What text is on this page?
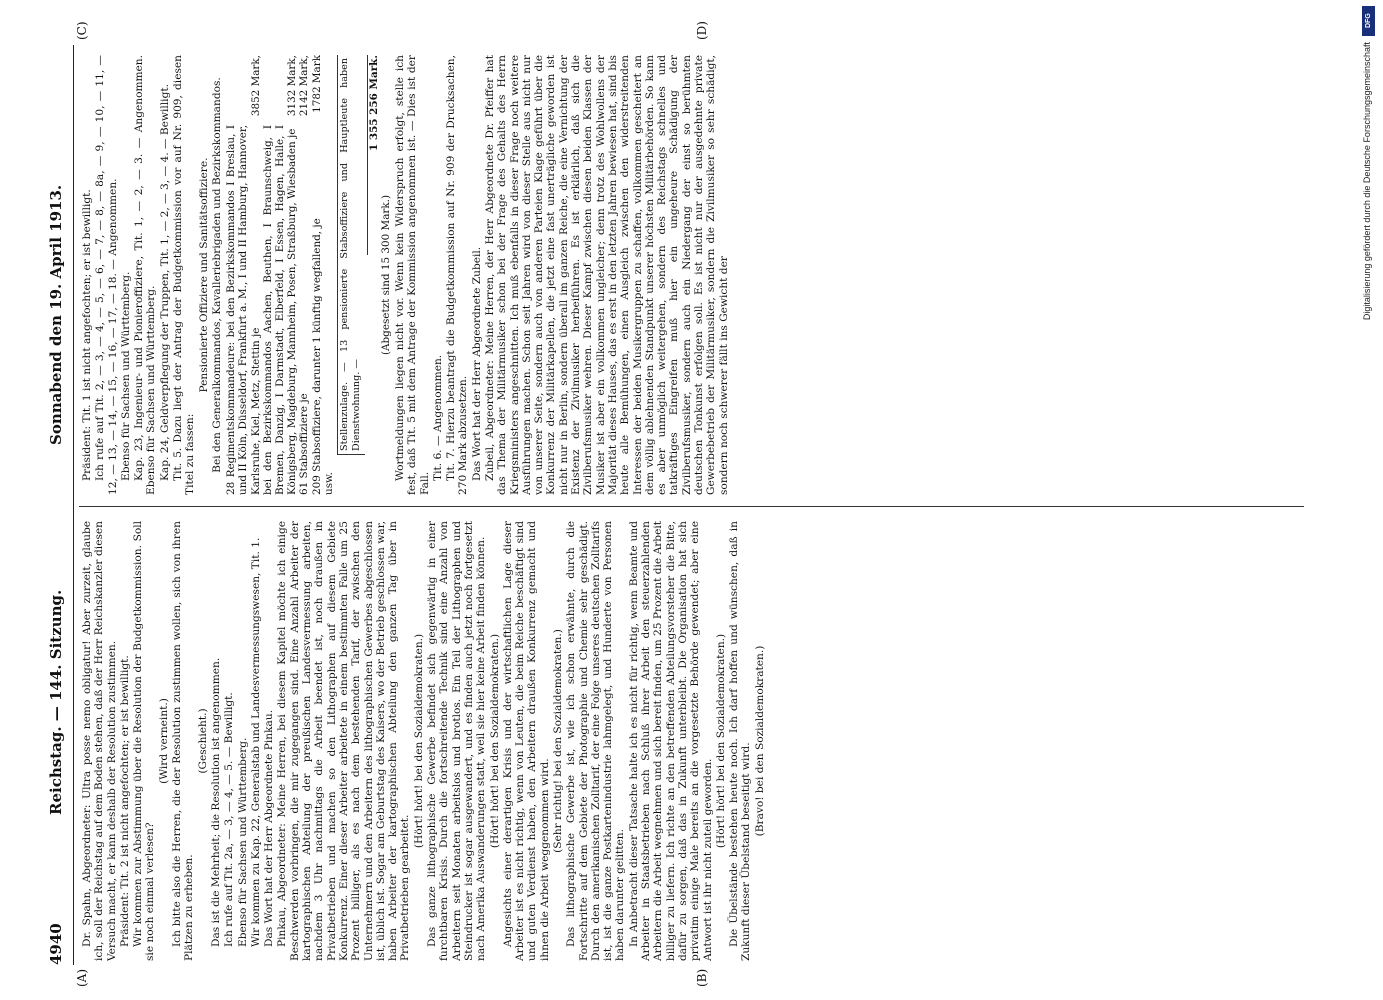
4940
Reichstag. — 144. Sitzung.
Sonnabend den 19. April 1913.
(A)	(B)
(C)	(D)

Dr. Spahn, Abgeordneter: Ultra posse nemo obligatur! Aber zurzeit, glaube ich, soll der Reichstag auf dem Boden stehen, daß der Herr Reichskanzler diesen Versuch macht, er kann deshalb der Resolution zustimmen. Präsident: Tit. 2 ist nicht angefochten; er ist bewilligt. Wir kommen zur Abstimmung über die Resolution der Budgetkommission. Soll sie noch einmal verlesen?

(Wird verneint.) Ich bitte also die Herren, die der Resolution zustimmen wollen, sich von ihren Plätzen zu erheben.

(Geschieht.) Das ist die Mehrheit; die Resolution ist angenommen. Ich rufe auf Tit. 2a, — 3, — 4, — 5. — Bewilligt. Ebenso für Sachsen und Württemberg. Wir kommen zu Kap. 22, Generalstab und Landesvermessungswesen, Tit. 1. Das Wort hat der Herr Abgeordnete Pinkau. Pinkau, Abgeordneter: Meine Herren, bei diesem Kapitel möchte ich einige Beschwerden vorbringen, die mir zugegangen sind. Eine Anzahl Arbeiter der kartographischen Abteilung der preußischen Landesvermessung arbeiten, nachdem 3 Uhr nachmittags die Arbeit beendet ist, noch draußen in Privatbetrieben und machen so den Lithographen auf diesem Gebiete Konkurrenz. Einer dieser Arbeiter arbeitete in einem bestimmten Falle um 25 Prozent billiger, als es nach dem bestehenden Tarif, der zwischen den Unternehmern und den Arbeitern des lithographischen Gewerbes abgeschlossen ist, üblich ist. Sogar am Geburtstag des Kaisers, wo der Betrieb geschlossen war, haben Arbeiter der kartographischen Abteilung den ganzen Tag über in Privatbetrieben gearbeitet.

(Hört! hört! bei den Sozialdemokraten.) Das ganze lithographische Gewerbe befindet sich gegenwärtig in einer furchtbaren Krisis. Durch die fortschreitende Technik sind eine Anzahl von Arbeitern seit Monaten arbeitslos und brotlos. Ein Teil der Lithographen und Steindrucker ist sogar ausgewandert, und es finden auch jetzt noch fortgesetzt nach Amerika Auswanderungen statt, weil sie hier keine Arbeit finden können. (Hört! hört! bei den Sozialdemokraten.) Angesichts einer derartigen Krisis und der wirtschaftlichen Lage dieser Arbeiter ist es nicht richtig, wenn von Leuten, die beim Reiche beschäftigt sind und guten Verdienst haben, den Arbeitern draußen Konkurrenz gemacht und ihnen die Arbeit weggenommen wird.

(Sehr richtig! bei den Sozialdemokraten.) Das lithographische Gewerbe ist, wie ich schon erwähnte, durch die Fortschritte auf dem Gebiete der Photographie und Chemie sehr geschädigt. Durch den amerikanischen Zolltarif, der eine Folge unseres deutschen Zolltarifs ist, ist die ganze Postkartenindustrie lahmgelegt, und Hunderte von Personen haben darunter gelitten. In Anbetracht dieser Tatsache halte ich es nicht für richtig, wenn Beamte und Arbeiter in Staatsbetrieben nach Schluß ihrer Arbeit den steuerzahlenden Arbeitern die Arbeit wegnehmen und sich bereit finden, um 25 Prozent die Arbeit billiger zu liefern. Ich richte an den betreffenden Abteilungsvorsteher die Bitte, dafür zu sorgen, daß das in Zukunft unterbleibt. Die Organisation hat sich privatim einige Male bereits an die vorgesetzte Behörde gewendet; aber eine Antwort ist ihr nicht zuteil geworden.

(Hört! hört! bei den Sozialdemokraten.) Die Übelstände bestehen heute noch. Ich darf hoffen und wünschen, daß in Zukunft dieser Übelstand beseitigt wird.

(Bravo! bei den Sozialdemokraten.)

Präsident: Tit. 1 ist nicht angefochten; er ist bewilligt. Ich rufe auf Tit. 2, — 3, — 4, — 5, — 6, — 7, — 8, — 8a, — 9, — 10, — 11, — 12, — 13, — 14, — 15, — 16, — 17, — 18. — Angenommen. Ebenso für Sachsen und Württemberg. Kap. 23, Ingenieur- und Pionieroffiziere, Tit. 1, — 2, — 3. — Angenommen. Ebenso für Sachsen und Württemberg. Kap. 24, Geldverpflegung der Truppen, Tit. 1, — 2, — 3, — 4. — Bewilligt. Tit. 5. Dazu liegt der Antrag der Budgetkommission vor auf Nr. 909, diesen Titel zu fassen:

Pensionierte Offiziere und Sanitätsoffiziere. Bei den Generalkommandos, Kavalleriebrigaden und Bezirkskommandos. 28 Regimentskommandeure: bei den Bezirkskommandos I Breslau, I und II Köln, Düsseldorf, Frankfurt a. M., I und II Hamburg, Hannover, Karlsruhe, Kiel, Metz, Stettin je
3852 Mark,
bei den Bezirkskommandos Aachen, Beuthen, I Braunschweig, I Bremen, Danzig, I Darmstadt, Elberfeld, I Essen, Hagen, Halle, I Königsberg, Magdeburg, Mannheim, Posen, Straßburg, Wiesbaden je
3132 Mark,
61 Stabsoffiziere je
2142 Mark,
209 Stabsoffiziere, darunter 1 künftig wegfallend, je
1782 Mark
usw.
Stellenzulage. — 13 pensionierte Stabsoffiziere und Hauptleute haben Dienstwohnung. —
1 355 256 Mark.
(Abgesetzt sind 15 300 Mark.) Wortmeldungen liegen nicht vor. Wenn kein Widerspruch erfolgt, stelle ich fest, daß Tit. 5 mit dem Antrage der Kommission angenommen ist. — Dies ist der Fall.

Tit. 6. — Angenommen. Tit. 7. Hierzu beantragt die Budgetkommission auf Nr. 909 der Drucksachen, 270 Mark abzusetzen. Das Wort hat der Herr Abgeordnete Zubeil. Zubeil, Abgeordneter: Meine Herren, der Herr Abgeordnete Dr. Pfeiffer hat das Thema der Militärmusiker schon bei der Frage des Gehalts des Herrn Kriegsministers angeschnitten. Ich muß ebenfalls in dieser Frage noch weitere Ausführungen machen. Schon seit Jahren wird von dieser Stelle aus nicht nur von unserer Seite, sondern auch von anderen Parteien Klage geführt über die Konkurrenz der Militärkapellen, die jetzt eine fast unerträgliche geworden ist nicht nur in Berlin, sondern überall im ganzen Reiche, die eine Vernichtung der Existenz der Zivilmusiker herbeiführen. Es ist erklärlich, daß sich die Zivilberufsmusiker wehren. Dieser Kampf zwischen diesen beiden Klassen der Musiker ist aber ein vollkommen ungleicher; denn trotz des Wohlwollens der Majorität dieses Hauses, das es erst in den letzten Jahren bewiesen hat, sind bis heute alle Bemühungen, einen Ausgleich zwischen den widerstreitenden Interessen der beiden Musikergruppen zu schaffen, vollkommen gescheitert an dem völlig ablehnenden Standpunkt unserer höchsten Militärbehörden. So kann es aber unmöglich weitergehen, sondern des Reichstags schnelles und tatkräftiges Eingreifen muß hier ein ungeheure Schädigung der Zivilberufsmusiker, sondern auch ein Niedergang der einst so berühmten deutschen Tonkunst erfolgen soll. Es ist nicht nur der ausgedehnte private Gewerbebetrieb der Militärmusiker, sondern die Zivilmusiker so sehr schädigt, sondern noch schwerer fällt ins Gewicht der

DFG
Digitalisierung gefördert durch die Deutsche Forschungsgemeinschaft
